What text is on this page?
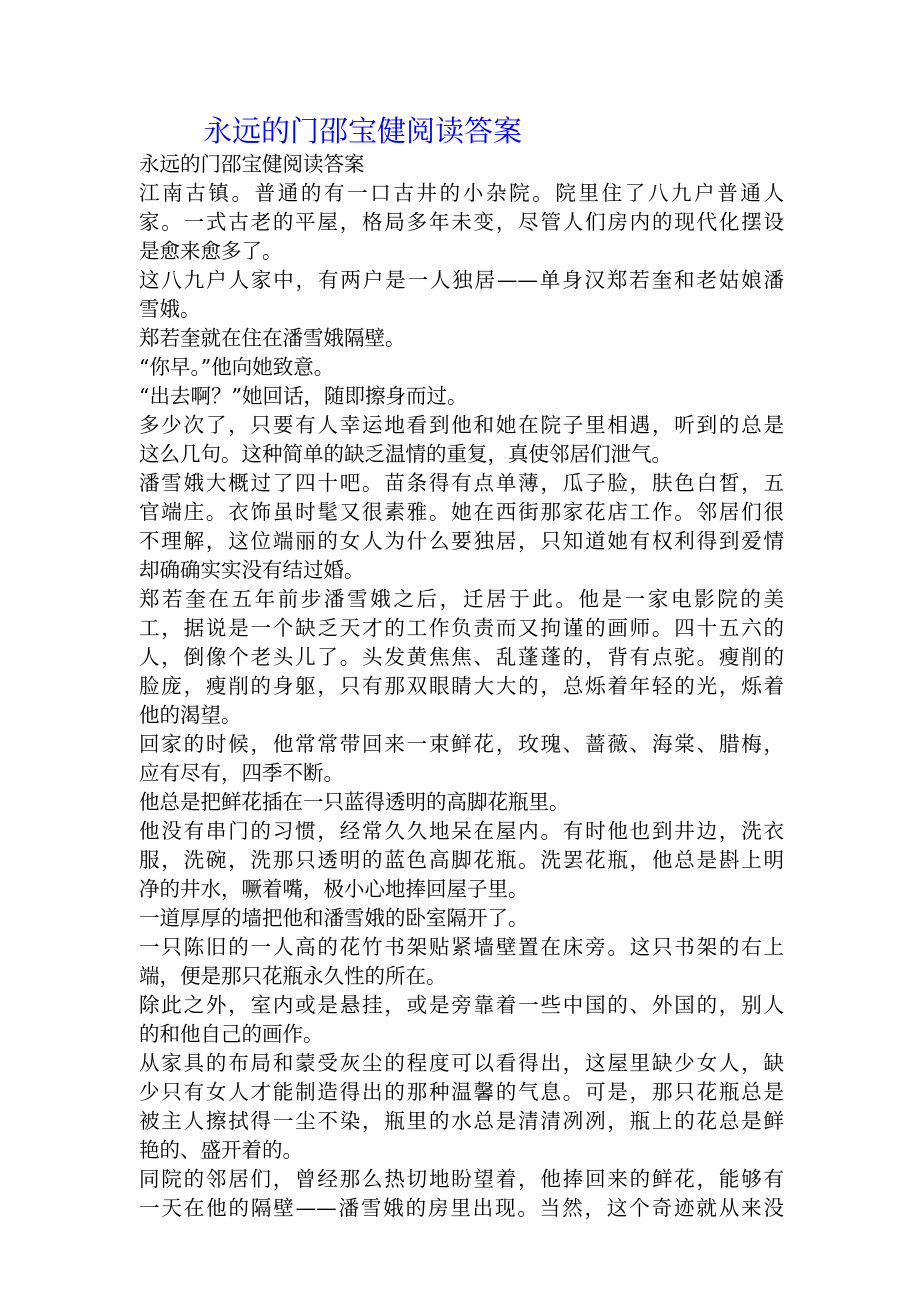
永远的门邵宝健阅读答案
永远的门邵宝健阅读答案
江南古镇。普通的有一口古井的小杂院。院里住了八九户普通人
家。一式古老的平屋，格局多年未变，尽管人们房内的现代化摆设
是愈来愈多了。
这八九户人家中，有两户是一人独居——单身汉郑若奎和老姑娘潘
雪娥。
郑若奎就在住在潘雪娥隔壁。
“你早。”他向她致意。
“出去啊？”她回话，随即擦身而过。
多少次了，只要有人幸运地看到他和她在院子里相遇，听到的总是
这么几句。这种简单的缺乏温情的重复，真使邻居们泄气。
潘雪娥大概过了四十吧。苗条得有点单薄，瓜子脸，肤色白皙，五
官端庄。衣饰虽时髦又很素雅。她在西街那家花店工作。邻居们很
不理解，这位端丽的女人为什么要独居，只知道她有权利得到爱情
却确确实实没有结过婚。
郑若奎在五年前步潘雪娥之后，迁居于此。他是一家电影院的美
工，据说是一个缺乏天才的工作负责而又拘谨的画师。四十五六的
人，倒像个老头儿了。头发黄焦焦、乱蓬蓬的，背有点驼。瘦削的
脸庞，瘦削的身躯，只有那双眼睛大大的，总烁着年轻的光，烁着
他的渴望。
回家的时候，他常常带回来一束鲜花，玫瑰、蔷薇、海棠、腊梅，
应有尽有，四季不断。
他总是把鲜花插在一只蓝得透明的高脚花瓶里。
他没有串门的习惯，经常久久地呆在屋内。有时他也到井边，洗衣
服，洗碗，洗那只透明的蓝色高脚花瓶。洗罢花瓶，他总是斟上明
净的井水，噘着嘴，极小心地捧回屋子里。
一道厚厚的墙把他和潘雪娥的卧室隔开了。
一只陈旧的一人高的花竹书架贴紧墙壁置在床旁。这只书架的右上
端，便是那只花瓶永久性的所在。
除此之外，室内或是悬挂，或是旁靠着一些中国的、外国的，别人
的和他自己的画作。
从家具的布局和蒙受灰尘的程度可以看得出，这屋里缺少女人，缺
少只有女人才能制造得出的那种温馨的气息。可是，那只花瓶总是
被主人擦拭得一尘不染，瓶里的水总是清清冽冽，瓶上的花总是鲜
艳的、盛开着的。
同院的邻居们，曾经那么热切地盼望着，他捧回来的鲜花，能够有
一天在他的隔壁——潘雪娥的房里出现。当然，这个奇迹就从来没
